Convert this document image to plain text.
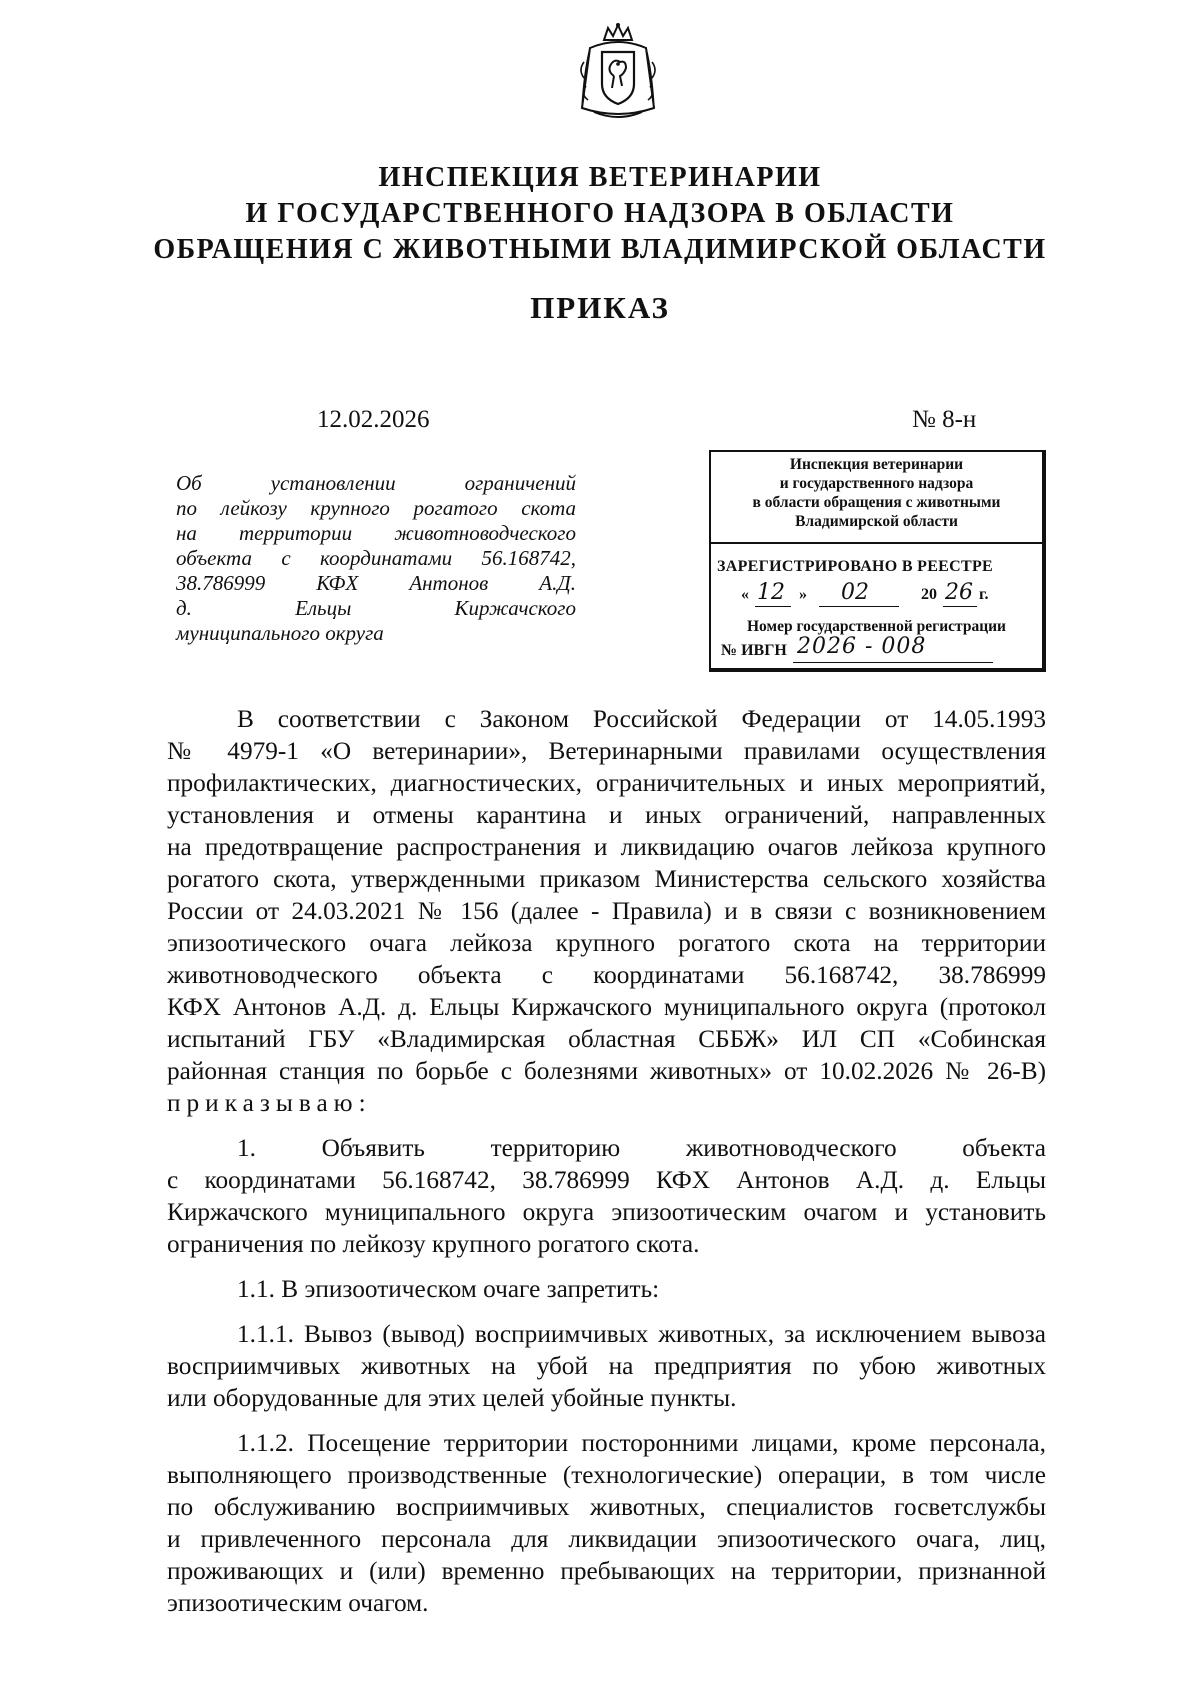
ИНСПЕКЦИЯ ВЕТЕРИНАРИИ
И ГОСУДАРСТВЕННОГО НАДЗОРА В ОБЛАСТИ
ОБРАЩЕНИЯ С ЖИВОТНЫМИ ВЛАДИМИРСКОЙ ОБЛАСТИ
ПРИКАЗ
12.02.2026	№ 8-н
Об установлении ограничений
по лейкозу крупного рогатого скота
на территории животноводческого
объекта с координатами 56.168742,
38.786999 КФХ Антонов А.Д.
д. Ельцы Киржачского
муниципального округа
Инспекция ветеринарии
и государственного надзора
в области обращения с животными
Владимирской области
ЗАРЕГИСТРИРОВАНО В РЕЕСТРЕ
« 12 » 02	20 26 г.
Номер государственной регистрации
№ ИВГН 2026 - 008

В соответствии с Законом Российской Федерации от 14.05.1993
№ 4979-1 «О ветеринарии», Ветеринарными правилами осуществления
профилактических, диагностических, ограничительных и иных мероприятий,
установления и отмены карантина и иных ограничений, направленных
на предотвращение распространения и ликвидацию очагов лейкоза крупного
рогатого скота, утвержденными приказом Министерства сельского хозяйства
России от 24.03.2021 № 156 (далее - Правила) и в связи с возникновением
эпизоотического очага лейкоза крупного рогатого скота на территории
животноводческого объекта с координатами 56.168742, 38.786999
КФХ Антонов А.Д. д. Ельцы Киржачского муниципального округа (протокол
испытаний ГБУ «Владимирская областная СББЖ» ИЛ СП «Собинская
районная станция по борьбе с болезнями животных» от 10.02.2026 № 26-В)
приказываю:

1. Объявить территорию животноводческого объекта
с координатами 56.168742, 38.786999 КФХ Антонов А.Д. д. Ельцы
Киржачского муниципального округа эпизоотическим очагом и установить
ограничения по лейкозу крупного рогатого скота.

1.1. В эпизоотическом очаге запретить:

1.1.1. Вывоз (вывод) восприимчивых животных, за исключением вывоза
восприимчивых животных на убой на предприятия по убою животных
или оборудованные для этих целей убойные пункты.

1.1.2. Посещение территории посторонними лицами, кроме персонала,
выполняющего производственные (технологические) операции, в том числе
по обслуживанию восприимчивых животных, специалистов госветслужбы
и привлеченного персонала для ликвидации эпизоотического очага, лиц,
проживающих и (или) временно пребывающих на территории, признанной
эпизоотическим очагом.
